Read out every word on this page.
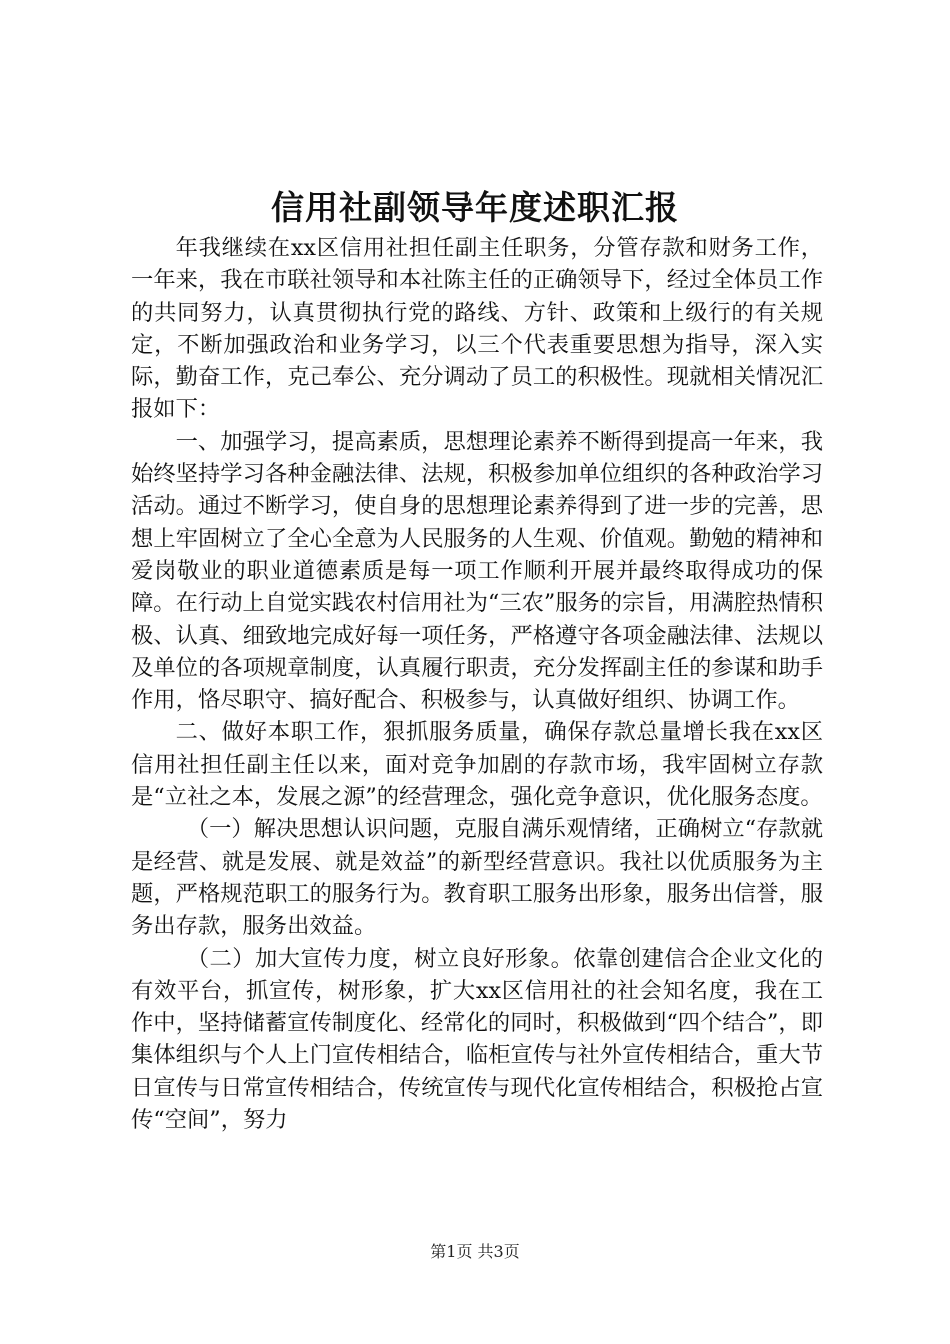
信用社副领导年度述职汇报

年我继续在xx区信用社担任副主任职务，分管存款和财务工作，一年来，我在市联社领导和本社陈主任的正确领导下，经过全体员工作的共同努力，认真贯彻执行党的路线、方针、政策和上级行的有关规定，不断加强政治和业务学习，以三个代表重要思想为指导，深入实际，勤奋工作，克己奉公、充分调动了员工的积极性。现就相关情况汇报如下：

一、加强学习，提高素质，思想理论素养不断得到提高一年来，我始终坚持学习各种金融法律、法规，积极参加单位组织的各种政治学习活动。通过不断学习，使自身的思想理论素养得到了进一步的完善，思想上牢固树立了全心全意为人民服务的人生观、价值观。勤勉的精神和爱岗敬业的职业道德素质是每一项工作顺利开展并最终取得成功的保障。在行动上自觉实践农村信用社为“三农”服务的宗旨，用满腔热情积极、认真、细致地完成好每一项任务，严格遵守各项金融法律、法规以及单位的各项规章制度，认真履行职责，充分发挥副主任的参谋和助手作用，恪尽职守、搞好配合、积极参与，认真做好组织、协调工作。

二、做好本职工作，狠抓服务质量，确保存款总量增长我在xx区信用社担任副主任以来，面对竞争加剧的存款市场，我牢固树立存款是“立社之本，发展之源”的经营理念，强化竞争意识，优化服务态度。

（一）解决思想认识问题，克服自满乐观情绪，正确树立“存款就是经营、就是发展、就是效益”的新型经营意识。我社以优质服务为主题，严格规范职工的服务行为。教育职工服务出形象，服务出信誉，服务出存款，服务出效益。

（二）加大宣传力度，树立良好形象。依靠创建信合企业文化的有效平台，抓宣传，树形象，扩大xx区信用社的社会知名度，我在工作中，坚持储蓄宣传制度化、经常化的同时，积极做到“四个结合”，即集体组织与个人上门宣传相结合，临柜宣传与社外宣传相结合，重大节日宣传与日常宣传相结合，传统宣传与现代化宣传相结合，积极抢占宣传“空间”，努力

第1页 共3页
